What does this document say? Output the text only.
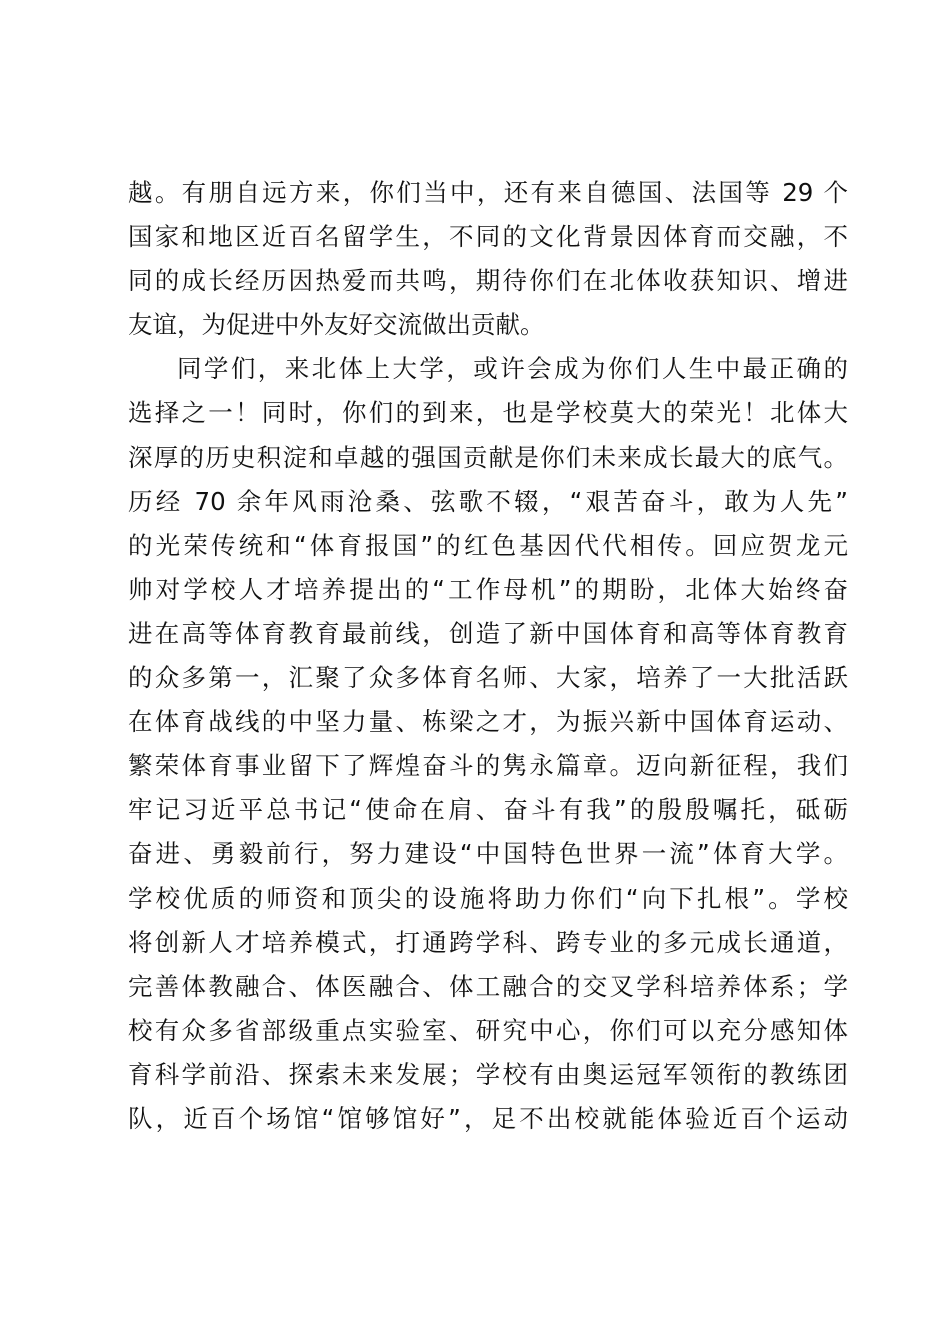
越。有朋自远方来，你们当中，还有来自德国、法国等 29 个
国家和地区近百名留学生，不同的文化背景因体育而交融，不
同的成长经历因热爱而共鸣，期待你们在北体收获知识、增进
友谊，为促进中外友好交流做出贡献。
同学们，来北体上大学，或许会成为你们人生中最正确的
选择之一！同时，你们的到来，也是学校莫大的荣光！北体大
深厚的历史积淀和卓越的强国贡献是你们未来成长最大的底气。
历经 70 余年风雨沧桑、弦歌不辍，“艰苦奋斗，敢为人先”
的光荣传统和“体育报国”的红色基因代代相传。回应贺龙元
帅对学校人才培养提出的“工作母机”的期盼，北体大始终奋
进在高等体育教育最前线，创造了新中国体育和高等体育教育
的众多第一，汇聚了众多体育名师、大家，培养了一大批活跃
在体育战线的中坚力量、栋梁之才，为振兴新中国体育运动、
繁荣体育事业留下了辉煌奋斗的隽永篇章。迈向新征程，我们
牢记习近平总书记“使命在肩、奋斗有我”的殷殷嘱托，砥砺
奋进、勇毅前行，努力建设“中国特色世界一流”体育大学。
学校优质的师资和顶尖的设施将助力你们“向下扎根”。学校
将创新人才培养模式，打通跨学科、跨专业的多元成长通道，
完善体教融合、体医融合、体工融合的交叉学科培养体系；学
校有众多省部级重点实验室、研究中心，你们可以充分感知体
育科学前沿、探索未来发展；学校有由奥运冠军领衔的教练团
队，近百个场馆“馆够馆好”，足不出校就能体验近百个运动
